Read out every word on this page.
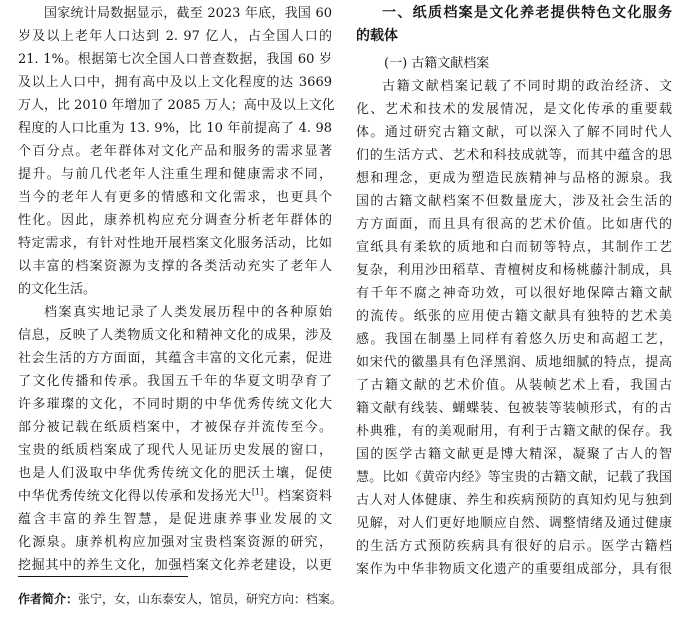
国家统计局数据显示，截至 2023 年底，我国 60
岁及以上老年人口达到 2. 97 亿人，占全国人口的
21. 1%。根据第七次全国人口普查数据，我国 60 岁
及以上人口中，拥有高中及以上文化程度的达 3669
万人，比 2010 年增加了 2085 万人；高中及以上文化
程度的人口比重为 13. 9%，比 10 年前提高了 4. 98
个百分点。老年群体对文化产品和服务的需求显著
提升。与前几代老年人注重生理和健康需求不同，
当今的老年人有更多的情感和文化需求，也更具个
性化。因此，康养机构应充分调查分析老年群体的
特定需求，有针对性地开展档案文化服务活动，比如
以丰富的档案资源为支撑的各类活动充实了老年人
的文化生活。
档案真实地记录了人类发展历程中的各种原始
信息，反映了人类物质文化和精神文化的成果，涉及
社会生活的方方面面，其蕴含丰富的文化元素，促进
了文化传播和传承。我国五千年的华夏文明孕育了
许多璀璨的文化，不同时期的中华优秀传统文化大
部分被记载在纸质档案中，才被保存并流传至今。
宝贵的纸质档案成了现代人见证历史发展的窗口，
也是人们汲取中华优秀传统文化的肥沃土壤，促使
中华优秀传统文化得以传承和发扬光大[1]。档案资料
蕴含丰富的养生智慧，是促进康养事业发展的文
化源泉。康养机构应加强对宝贵档案资源的研究，
挖掘其中的养生文化，加强档案文化养老建设，以更
一、纸质档案是文化养老提供特色文化服务
的载体
(一) 古籍文献档案
古籍文献档案记载了不同时期的政治经济、文
化、艺术和技术的发展情况，是文化传承的重要载
体。通过研究古籍文献，可以深入了解不同时代人
们的生活方式、艺术和科技成就等，而其中蕴含的思
想和理念，更成为塑造民族精神与品格的源泉。我
国的古籍文献档案不但数量庞大，涉及社会生活的
方方面面，而且具有很高的艺术价值。比如唐代的
宣纸具有柔软的质地和白而韧等特点，其制作工艺
复杂，利用沙田稻草、青檀树皮和杨桃藤汁制成，具
有千年不腐之神奇功效，可以很好地保障古籍文献
的流传。纸张的应用使古籍文献具有独特的艺术美
感。我国在制墨上同样有着悠久历史和高超工艺，
如宋代的徽墨具有色泽黑润、质地细腻的特点，提高
了古籍文献的艺术价值。从装帧艺术上看，我国古
籍文献有线装、蝴蝶装、包被装等装帧形式，有的古
朴典雅，有的美观耐用，有利于古籍文献的保存。我
国的医学古籍文献更是博大精深，凝聚了古人的智
慧。比如《黄帝内经》等宝贵的古籍文献，记载了我国
古人对人体健康、养生和疾病预防的真知灼见与独到
见解，对人们更好地顺应自然、调整情绪及通过健康
的生活方式预防疾病具有很好的启示。医学古籍档
案作为中华非物质文化遗产的重要组成部分，具有很
作者简介：张宁，女，山东泰安人，馆员，研究方向：档案。
